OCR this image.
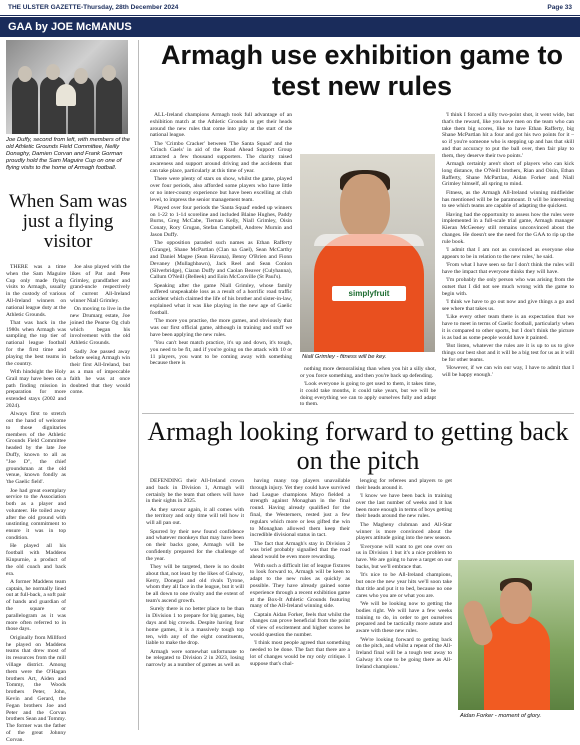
THE ULSTER GAZETTE-Thursday, 28th December 2024	Page 33
GAA by JOE McMANUS
Joe Duffy, second from left, with members of the old Athletic Grounds Field Committee, Neilly Donaghy, Damien Corvan and Frank Gorman proudly hold the Sam Maguire Cup on one of flying visits to the home of Armagh football.
When Sam was just a flying visitor

THERE was a time when the Sam Maguire Cup only made flying visits to Armagh, usually in the custody of various All-Ireland winners on national league duty at the Athletic Grounds.

That was back in the 1980s when Armagh was sampling the top tier of national league football for the first time and playing the best teams in the country.

With hindsight the Holy Grail may have been on a path finding mission in preparation for more extended stays (2002 and 2024).

Always first to stretch out the hand of welcome to those dignitaries members of the Athletic Grounds Field Committee headed by the late Joe Duffy, known to all as "Joe D", the chief groundsman at the old venue, known fondly as 'the Gaelic field'.

Joe had great exemplary service to the Association both as a player and volunteer. He toiled away after the old ground with unstinting commitment to ensure it was in top condition.

He played all his football with Maddens Kinpurnie, a product of the old coach and back era.

A former Maddens team captain, he normally lined out at full-back, a soft pair of hands and guardian of the square or parallelogram as it was more often referred to in those days.

Originally from Millford he played on Maddens teams that drew most of its resources from the mill village district. Among them were the O'Hagan brothers Art, Aiden and Tommy, the Woods brothers Peter, John, Kevin and Gerard, the Fegan brothers Joe and Peter and the Corvan brothers Sean and Tommy. The former was the father of the great Johnny Corvan.

Joe also played with the likes of Pat and Pete Grimley, grandfather and grand-uncle respectively of current All-Ireland winner Niall Grimley.

On moving to live in the new Drumarg estate, Joe joined the Pearse Og club which began his involvement with the old Athletic Grounds.

Sadly Joe passed away before seeing Armagh win their first All-Ireland, but as a man of impeccable faith he was at once doubted that they would come.

Armagh use exhibition game to test new rules

ALL-Ireland champions Armagh took full advantage of an exhibition match at the Athletic Grounds to get their heads around the new rules that come into play at the start of the national league.

The 'Crimbo Cracker' between 'The Santa Squad' and the 'Grinch Gaels' in aid of the Road Ahead Support Group attracted a few thousand supporters. The charity raised awareness and support around driving and the accidents that can take place, particularly at this time of year.

There were plenty of stars on show, whilst the game, played over four periods, also afforded some players who have little or no inter-county experience but have been excelling at club level, to impress the senior management team.

Played over four periods the 'Santa Squad' ended up winners on 1-22 to 1-14 scoreline and included Blaine Hughes, Paddy Burns, Greg McCabe, Tiernan Kelly, Niall Grimley, Oisin Conaty, Rory Grugan, Stefan Campbell, Andrew Murnin and Jason Duffy.

The opposition paraded such names as Ethan Rafferty (Grange), Shane McPartlan (Clan na Gael), Sean McCarthy and Daniel Magee (Sean Havana), Benny O'Brien and Fionn Devaney (Mullaghbawn), Jack Reel and Sean Conlon (Silverbridge), Ciaran Duffy and Caolan Beaver (Culyhanna), Callum O'Neill (Belleek) and Eoin McConville (St Paul's).

Speaking after the game Niall Grimley, whose family suffered unspeakable loss as a result of a horrific road traffic accident which claimed the life of his brother and sister-in-law, explained what it was like playing in the new age of Gaelic football.

'The more you practise, the more games, and obviously that was our first official game, although in training and stuff we have been applying the new rules.

'You can't beat match practice, it's up and down, it's tough, you need to be fit, and if you're going on the attack with 10 or 11 players, you want to be coming away with something because there is

simplyfruit
Niall Grimley - fitness will be key.

nothing more demoralising than when you hit a silly shot, or you force something, and then you're back up defending.

'Look everyone is going to get used to them, it takes time, it could take months, it could take years, but we will be doing everything we can to apply ourselves fully and adapt to them.

'I think I forced a silly two-point shot, it went wide, but that's the reward, like you have men on the team who can take them big scores, like to have Ethan Rafferty, big Shane McPartlan hit a four and got his two points for it – so if you're someone who is stepping up and has that skill and that accuracy to put the ball over, then fair play to them, they deserve their two points.'

Armagh certainly aren't short of players who can kick long distance, the O'Neill brothers, Rian and Oisin, Ethan Rafferty, Shane McPartlan, Aidan Forker and Niall Grimley himself, all spring to mind.

Fitness, as the Armagh All-Ireland winning midfielder has mentioned will be be paramount. It will be interesting to see which teams are capable of adapting the quickest.

Having had the opportunity to assess how the rules were implemented in a full-scale trial game, Armagh manager Kieran McGeeney still remains unconvinced about the changes. He doesn't see the need for the GAA to rip up the rule book.

'I admit that I am not as convinced as everyone else appears to be in relation to the new rules,' he said.

'From what I have seen so far I don't think the rules will have the impact that everyone thinks they will have.

'I'm probably the only person who was arising from the outset that I did not see much wrong with the game to begin with.

'I think we have to go out now and give things a go and see where that takes us.

'Like every other team there is an expectation that we have to meet in terms of Gaelic football, particularly when it is compared to other sports, but I don't think the picture is as bad as some people would have it painted.

'But listen, whatever the rules are it is up to us to give things our best shot and it will be a big test for us as it will be for other teams.

'However, if we can win our way, I have to admit that I will be happy enough.'

Armagh looking forward to getting back on the pitch

DEFENDING their All-Ireland crown and back in Division 1, Armagh will certainly be the team that others will have in their sights in 2025.

As they savour again, it all comes with the territory and only time will tell how it will all pan out.

Spurred by their new found confidence and whatever monkeys that may have been on their backs gone, Armagh will be confidently prepared for the challenge of the year.

They will be targeted, there is no doubt about that, not least by the likes of Galway, Kerry, Donegal and old rivals Tyrone, whom they all face in the league, but it will be all down to one rivalry and the extent of team's ascend growth.

Surely there is no better place to be than in Division 1 to prepare for big games, big days and big crowds. Despite having four home games, it is a massively tough top ten, with any of the eight constituents, liable to make the drop.

Armagh were somewhat unfortunate to be relegated to Division 2 in 2023, losing narrowly as a number of games as well as

having many top players unavailable through injury. Yet they could have survived had League champions Mayo fielded a strength against Monaghan in the final round. Having already qualified for the final, the Westerners, rested just a few regulars which more or less gifted the win to Monaghan allowed them keep their incredible divisional status in tact.

The fact that Armagh's stay in Division 2 was brief probably signalled that the road ahead would be even more rewarding.

With such a difficult list of league fixtures to look forward to, Armagh will be keen to adapt to the new rules as quickly as possible. They have already gained some experience through a recent exhibition game at the Box-It Athletic Grounds featuring many of the All-Ireland winning side.

Captain Aidan Forker, feels that whilst the changes can prove beneficial from the point of view of excitement and higher scores he would question the number.

'I think most people agreed that something needed to be done. The fact that there are a lot of changes would be my only critique. I suppose that's chal-

lenging for referees and players to get their heads around it.

'I know we have been back in training over the last number of weeks and it has been more enough in terms of boys getting their heads around the new rules.

The Magheny clubman and All-Star winner is more convinced about the players attitude going into the new season.

'Everyone will want to get one over on us in Division 1 but it's a nice problem to have. We are going to have a target on our backs, but we'll embrace that.

'It's nice to be All-Ireland champions, but once the new year hits we'll soon take that title and put it to bed, because no one cares who you are or what you are.

'We will be looking now to getting the bodies right. We will have a few weeks training to do, in order to get ourselves prepared and be tactically more astute and aware with these new rules.

'We're looking forward to getting back on the pitch, and whilst a repeat of the All-Ireland final will be a tough test away to Galway it's one to be going there as All-Ireland champions.'

Aidan Forker - moment of glory.
